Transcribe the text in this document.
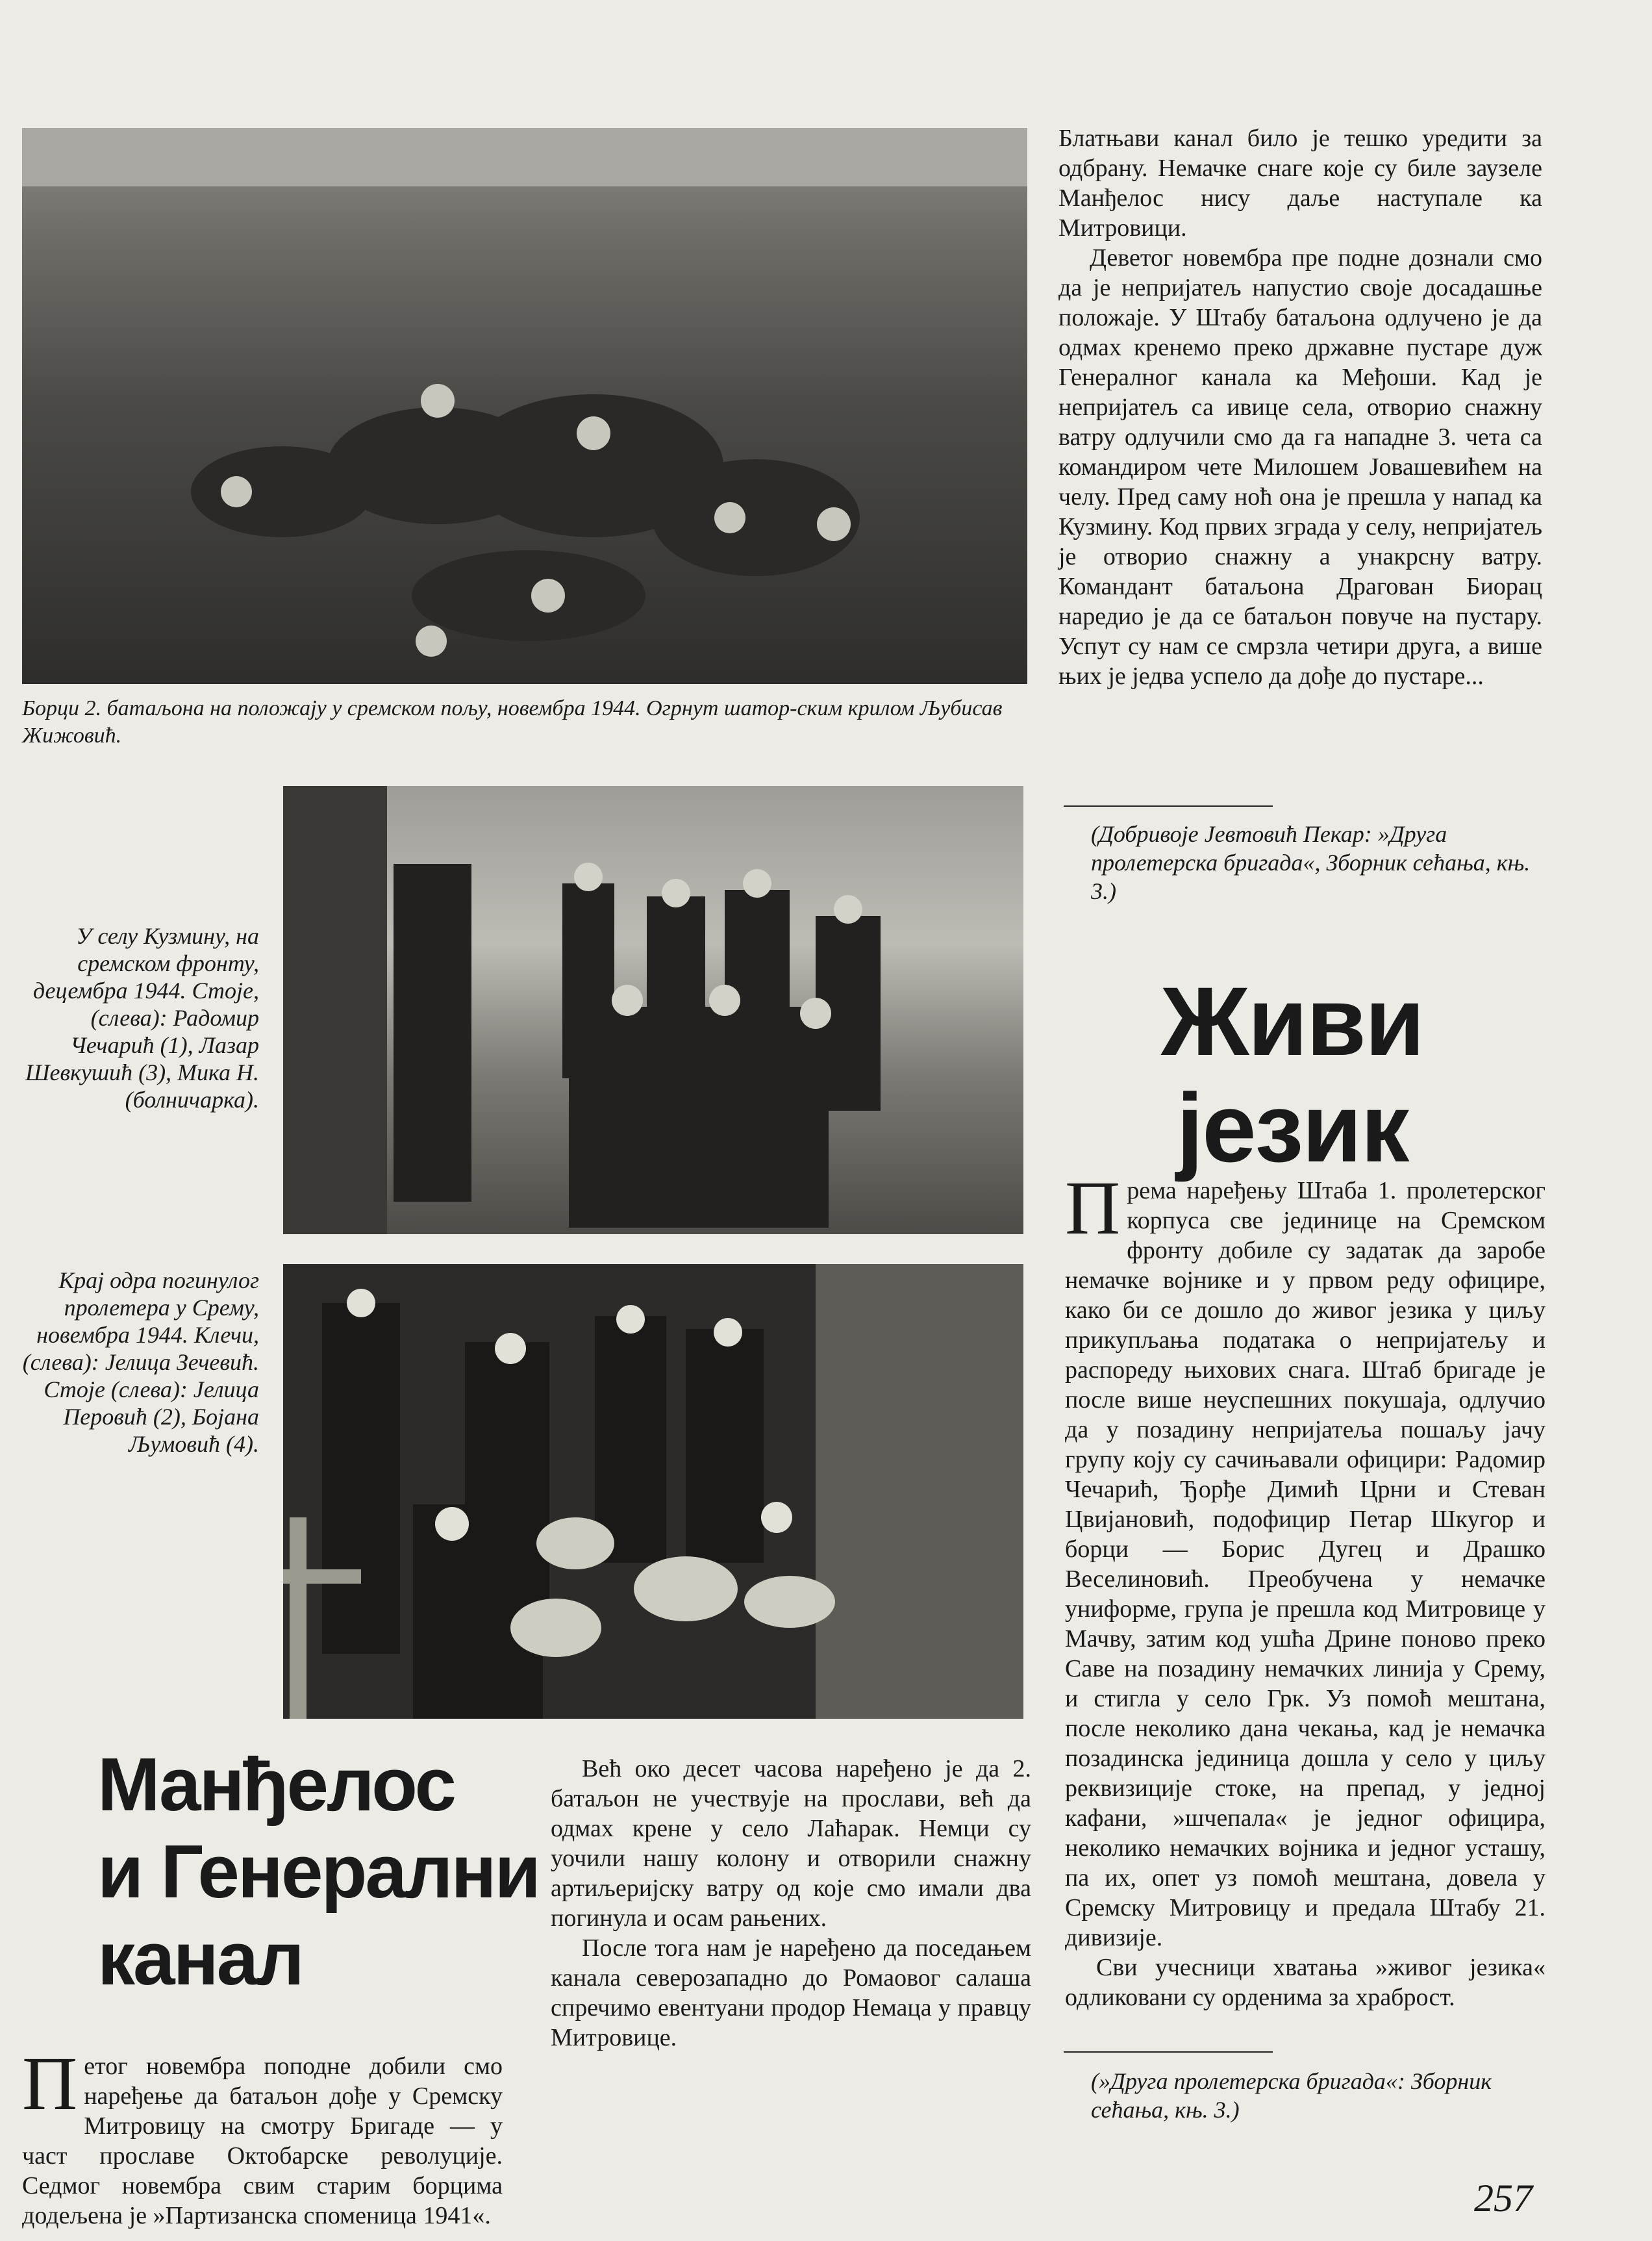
Борци 2. батаљона на положају у сремском пољу, новембра 1944. Огрнут шатор-ским крилом Љубисав Жижовић.
У селу Кузмину, на сремском фронту, децембра 1944. Стоје, (слева): Радомир Чечарић (1), Лазар Шевкушић (3), Мика Н. (болничарка).
Крај одра погинулог пролетера у Срему, новембра 1944. Клечи, (слева): Јелица Зечевић. Стоје (слева): Јелица Перовић (2), Бојана Љумовић (4).

Блатњави канал било је тешко уредити за одбрану. Немачке снаге које су биле заузеле Манђелос нису даље наступале ка Митровици.

Деветог новембра пре подне дознали смо да је непријатељ напустио своје досадашње положаје. У Штабу батаљона одлучено је да одмах кренемо преко државне пустаре дуж Генералног канала ка Међоши. Кад је непријатељ са ивице села, отворио снажну ватру одлучили смо да га нападне 3. чета са командиром чете Милошем Јовашевићем на челу. Пред саму ноћ она је прешла у напад ка Кузмину. Код првих зграда у селу, непријатељ је отворио снажну а унакрсну ватру. Командант батаљона Драгован Биорац наредио је да се батаљон повуче на пустару. Успут су нам се смрзла четири друга, а више њих је једва успело да дође до пустаре...

(Добривоје Јевтовић Пекар: »Друга пролетерска бригада«, Зборник сећања, књ. 3.)
Живи
језик

Према наређењу Штаба 1. пролетерског корпуса све јединице на Сремском фронту добиле су задатак да заробе немачке војнике и у првом реду официре, како би се дошло до живог језика у циљу прикупљања података о непријатељу и распореду њихових снага. Штаб бригаде је после више неуспешних покушаја, одлучио да у позадину непријатеља пошаљу јачу групу коју су сачињавали официри: Радомир Чечарић, Ђорђе Димић Црни и Стеван Цвијановић, подофицир Петар Шкугор и борци — Борис Дугец и Драшко Веселиновић. Преобучена у немачке униформе, група је прешла код Митровице у Мачву, затим код ушћа Дрине поново преко Саве на позадину немачких линија у Срему, и стигла у село Грк. Уз помоћ мештана, после неколико дана чекања, кад је немачка позадинска јединица дошла у село у циљу реквизиције стоке, на препад, у једној кафани, »шчепала« је једног официра, неколико немачких војника и једног усташу, па их, опет уз помоћ мештана, довела у Сремску Митровицу и предала Штабу 21. дивизије.

Сви учесници хватања »живог језика« одликовани су орденима за храброст.

(»Друга пролетерска бригада«: Зборник сећања, књ. 3.)
Манђелос
и Генерални
канал

Петог новембра поподне добили смо наређење да батаљон дође у Сремску Митровицу на смотру Бригаде — у част прославе Октобарске револуције. Седмог новембра свим старим борцима додељена је »Партизанска споменица 1941«.

Већ око десет часова наређено је да 2. батаљон не учествује на прослави, већ да одмах крене у село Лаћарак. Немци су уочили нашу колону и отворили снажну артиљеријску ватру од које смо имали два погинула и осам рањених.

После тога нам је наређено да поседањем канала северозападно до Ромаовог салаша спречимо евентуани продор Немаца у правцу Митровице.

257
